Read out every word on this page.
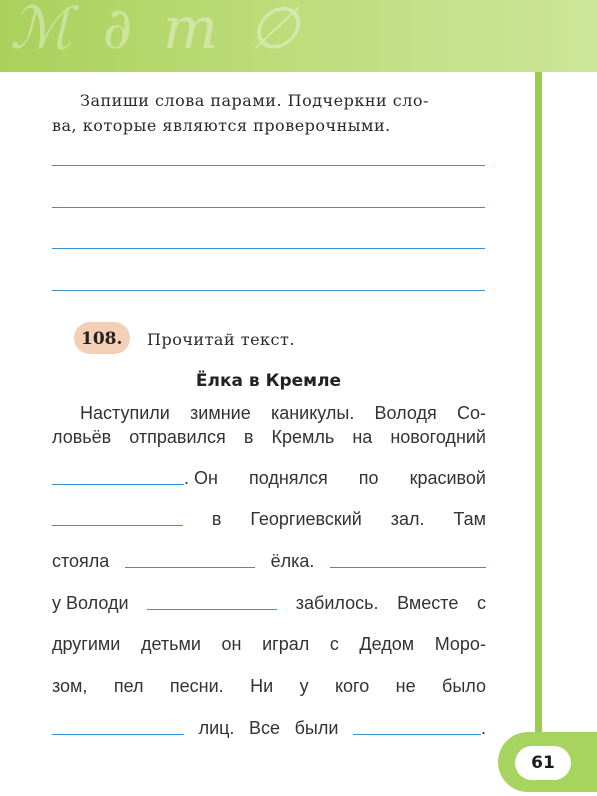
ℳ ∂ m ∅
Запиши слова парами. Подчеркни сло-
ва, которые являются проверочными.
108. Прочитай текст.
Ёлка в Кремле
Наступили зимние каникулы. Володя Со-
ловьёв отправился в Кремль на новогодний
. Он поднялся по красивой
в Георгиевский зал. Там
стояла	ёлка.
у Володи	забилось. Вместе с
другими детьми он играл с Дедом Моро-
зом, пел песни. Ни у кого не было
лиц. Все были	.
61
